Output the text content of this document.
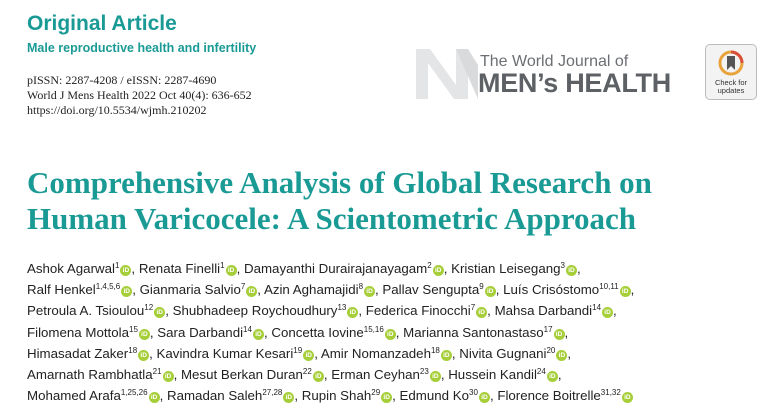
Original Article
Male reproductive health and infertility
pISSN: 2287-4208 / eISSN: 2287-4690
World J Mens Health 2022 Oct 40(4): 636-652
https://doi.org/10.5534/wjmh.210202
The World Journal of
MEN’s HEALTH	Check for
updates
Comprehensive Analysis of Global Research on
Human Varicocele: A Scientometric Approach
Ashok Agarwal$^1$iD , Renata Finelli$^1$iD , Damayanthi Durairajanayagam$^2$iD , Kristian Leisegang$^3$iD ,
Ralf Henkel$^{1,4,5,6}$iD , Gianmaria Salvio$^7$iD , Azin Aghamajidi$^8$iD , Pallav Sengupta$^9$iD , Luís Crisóstomo$^{10,11}$iD ,
Petroula A. Tsioulou$^{12}$iD , Shubhadeep Roychoudhury$^{13}$iD , Federica Finocchi$^7$iD , Mahsa Darbandi$^{14}$iD ,
Filomena Mottola$^{15}$iD , Sara Darbandi$^{14}$iD , Concetta Iovine$^{15,16}$iD , Marianna Santonastaso$^{17}$iD ,
Himasadat Zaker$^{18}$iD , Kavindra Kumar Kesari$^{19}$iD , Amir Nomanzadeh$^{18}$iD , Nivita Gugnani$^{20}$iD ,
Amarnath Rambhatla$^{21}$iD , Mesut Berkan Duran$^{22}$iD , Erman Ceyhan$^{23}$iD , Hussein Kandil$^{24}$iD ,
Mohamed Arafa$^{1,25,26}$iD , Ramadan Saleh$^{27,28}$iD , Rupin Shah$^{29}$iD , Edmund Ko$^{30}$iD , Florence Boitrelle$^{31,32}$iD
